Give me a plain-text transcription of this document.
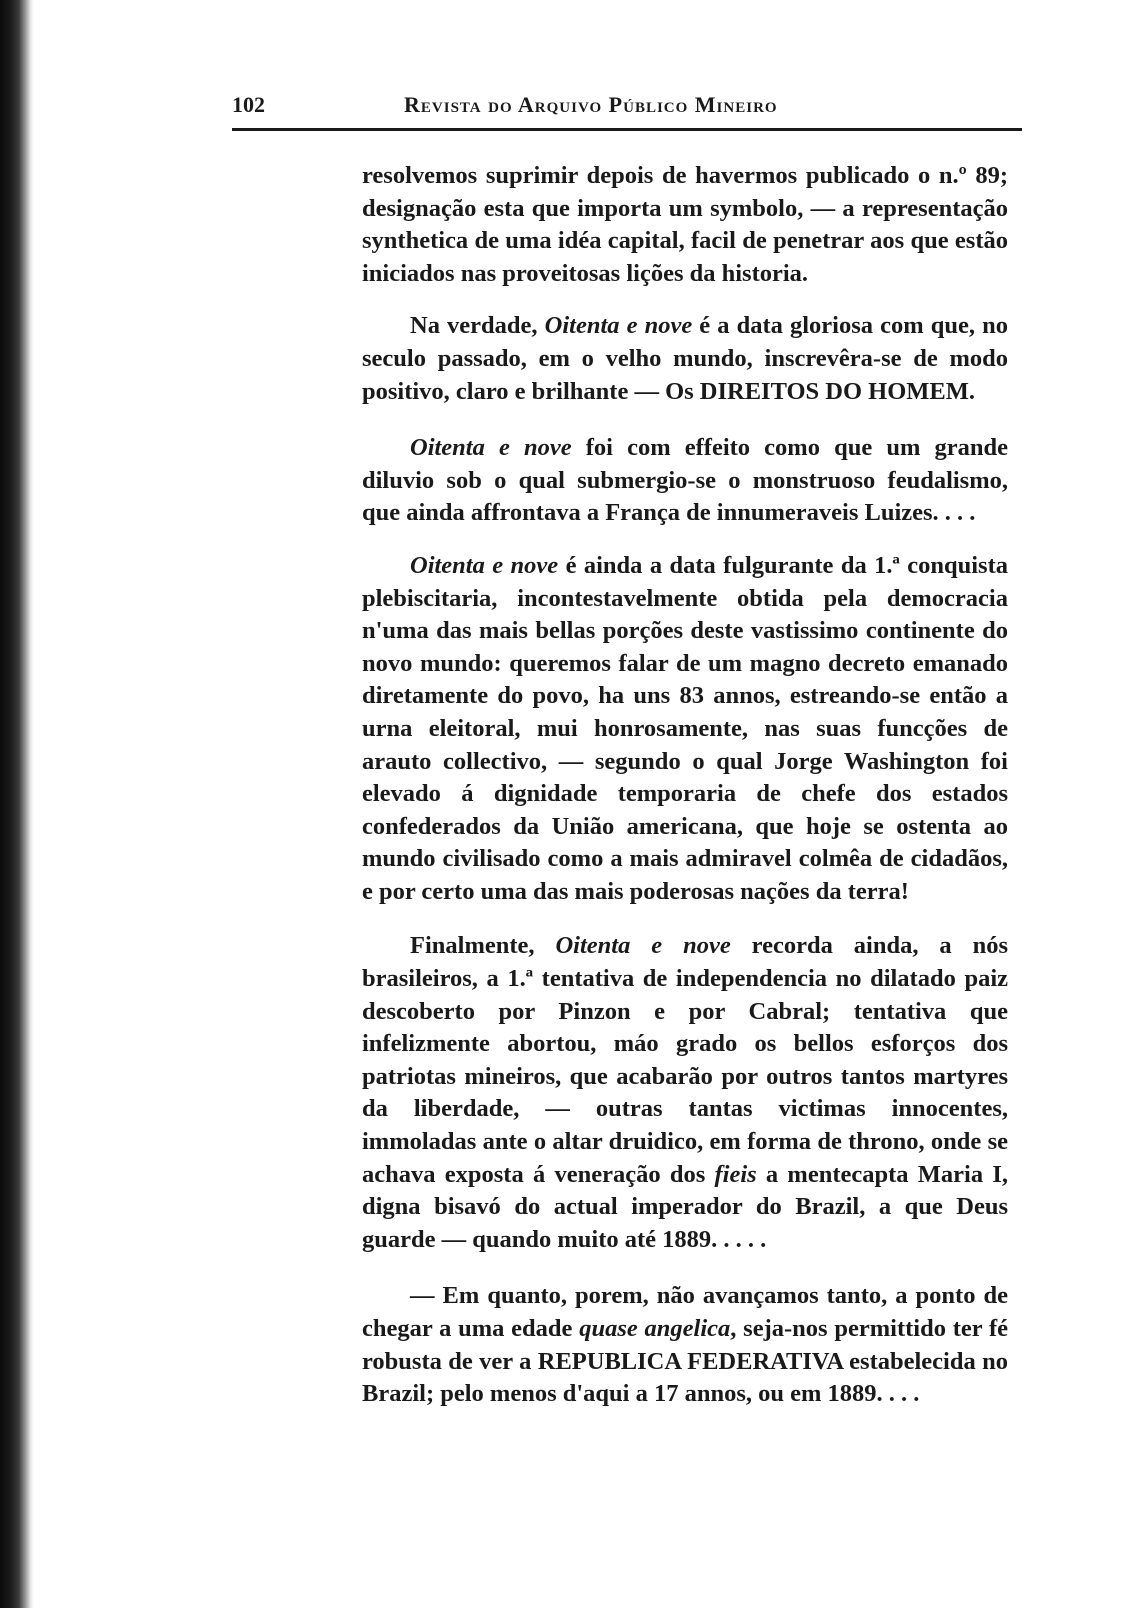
102	Revista do Arquivo Público Mineiro

resolvemos suprimir depois de havermos publicado o n.º 89; designação esta que importa um symbolo, — a representação synthetica de uma idéa capital, facil de penetrar aos que estão iniciados nas proveitosas lições da historia.

Na verdade, Oitenta e nove é a data gloriosa com que, no seculo passado, em o velho mundo, inscrevêra-se de modo positivo, claro e brilhante — Os DIREITOS DO HOMEM.

Oitenta e nove foi com effeito como que um grande diluvio sob o qual submergio-se o monstruoso feudalismo, que ainda affrontava a França de innumeraveis Luizes. . . .

Oitenta e nove é ainda a data fulgurante da 1.ª conquista plebiscitaria, incontestavelmente obtida pela democracia n'uma das mais bellas porções deste vastissimo continente do novo mundo: queremos falar de um magno decreto emanado diretamente do povo, ha uns 83 annos, estreando-se então a urna eleitoral, mui honrosamente, nas suas funcções de arauto collectivo, — segundo o qual Jorge Washington foi elevado á dignidade temporaria de chefe dos estados confederados da União americana, que hoje se ostenta ao mundo civilisado como a mais admiravel colmêa de cidadãos, e por certo uma das mais poderosas nações da terra!

Finalmente, Oitenta e nove recorda ainda, a nós brasileiros, a 1.ª tentativa de independencia no dilatado paiz descoberto por Pinzon e por Cabral; tentativa que infelizmente abortou, máo grado os bellos esforços dos patriotas mineiros, que acabarão por outros tantos martyres da liberdade, — outras tantas victimas innocentes, immoladas ante o altar druidico, em forma de throno, onde se achava exposta á veneração dos fieis a mentecapta Maria I, digna bisavó do actual imperador do Brazil, a que Deus guarde — quando muito até 1889. . . . .

— Em quanto, porem, não avançamos tanto, a ponto de chegar a uma edade quase angelica, seja-nos permittido ter fé robusta de ver a REPUBLICA FEDERATIVA estabelecida no Brazil; pelo menos d'aqui a 17 annos, ou em 1889. . . .
